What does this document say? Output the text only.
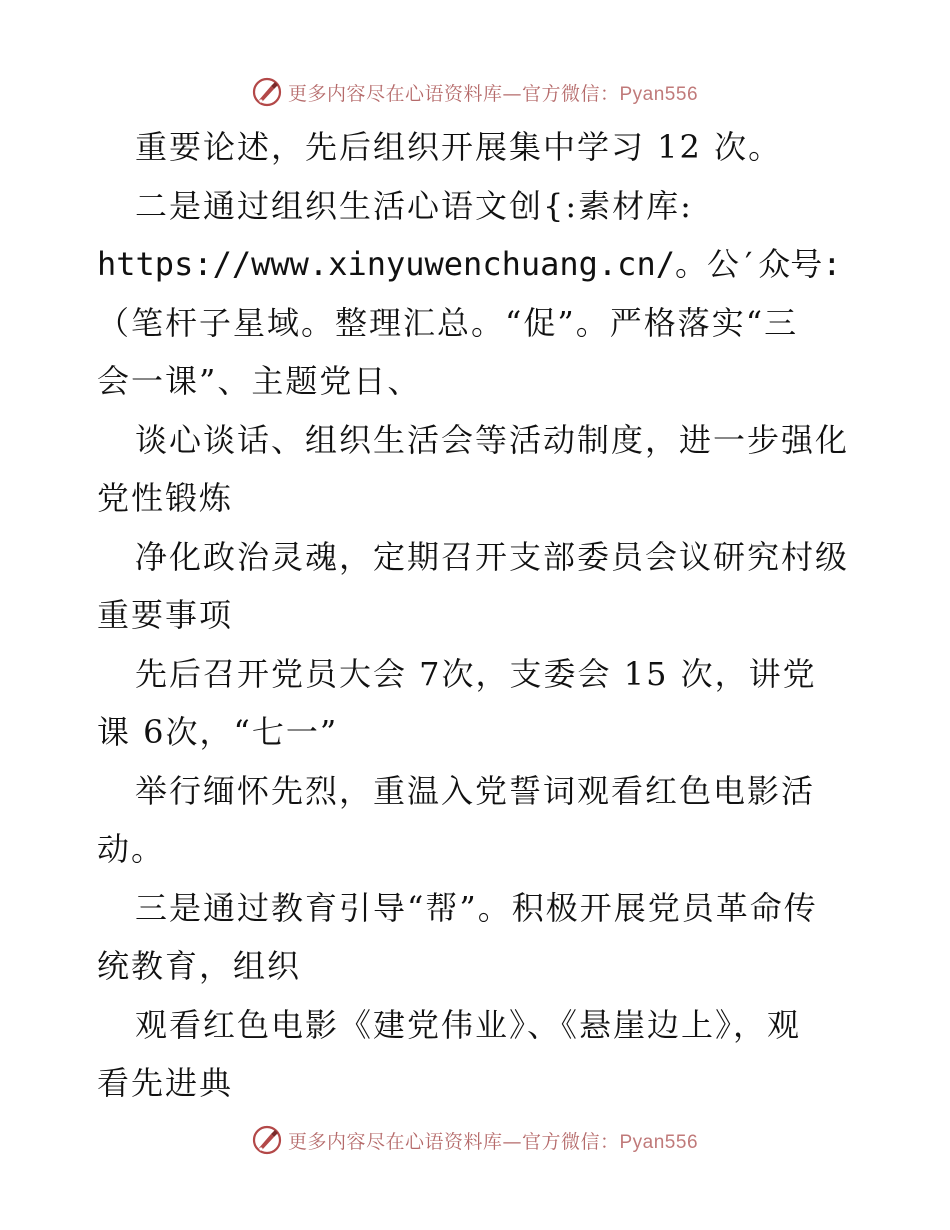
更多内容尽在心语资料库—官方微信：Pyan556
重要论述，先后组织开展集中学习 12 次。
二是通过组织生活心语文创{:素材库:
https://www.xinyuwenchuang.cn/。公′众号:
（笔杆子星域。整理汇总。“促”。严格落实“三
会一课”、主题党日、
谈心谈话、组织生活会等活动制度，进一步强化
党性锻炼
净化政治灵魂，定期召开支部委员会议研究村级
重要事项
先后召开党员大会 7次，支委会 15 次，讲党
课 6次，“七一”
举行缅怀先烈，重温入党誓词观看红色电影活
动。
三是通过教育引导“帮”。积极开展党员革命传
统教育，组织
观看红色电影《建党伟业》、《悬崖边上》，观
看先进典
更多内容尽在心语资料库—官方微信：Pyan556
